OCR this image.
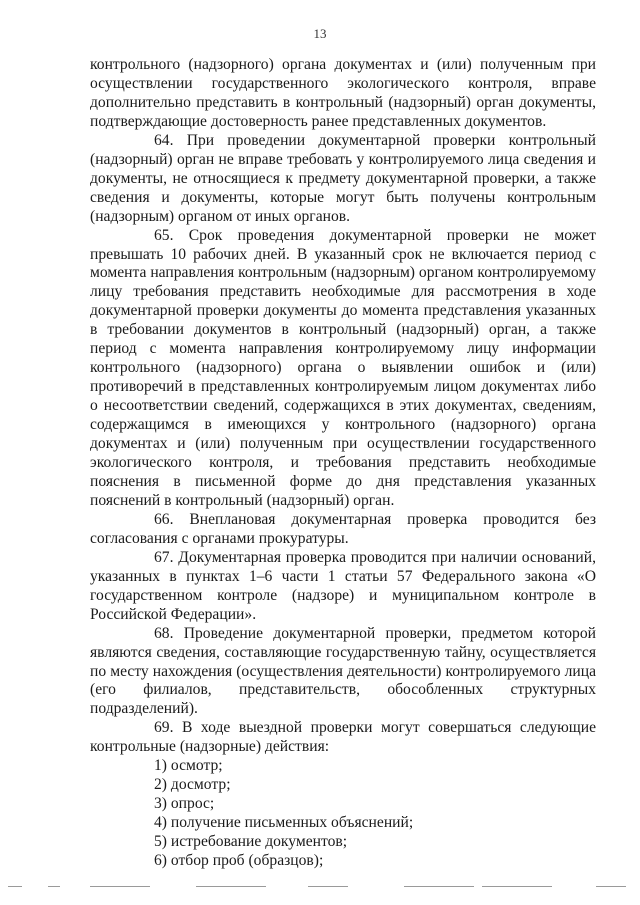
13

контрольного (надзорного) органа документах и (или) полученным при осуществлении государственного экологического контроля, вправе дополнительно представить в контрольный (надзорный) орган документы, подтверждающие достоверность ранее представленных документов.

64. При проведении документарной проверки контрольный (надзорный) орган не вправе требовать у контролируемого лица сведения и документы, не относящиеся к предмету документарной проверки, а также сведения и документы, которые могут быть получены контрольным (надзорным) органом от иных органов.

65. Срок проведения документарной проверки не может превышать 10 рабочих дней. В указанный срок не включается период с момента направления контрольным (надзорным) органом контролируемому лицу требования представить необходимые для рассмотрения в ходе документарной проверки документы до момента представления указанных в требовании документов в контрольный (надзорный) орган, а также период с момента направления контролируемому лицу информации контрольного (надзорного) органа о выявлении ошибок и (или) противоречий в представленных контролируемым лицом документах либо о несоответствии сведений, содержащихся в этих документах, сведениям, содержащимся в имеющихся у контрольного (надзорного) органа документах и (или) полученным при осуществлении государственного экологического контроля, и требования представить необходимые пояснения в письменной форме до дня представления указанных пояснений в контрольный (надзорный) орган.

66. Внеплановая документарная проверка проводится без согласования с органами прокуратуры.

67. Документарная проверка проводится при наличии оснований, указанных в пунктах 1–6 части 1 статьи 57 Федерального закона «О государственном контроле (надзоре) и муниципальном контроле в Российской Федерации».

68. Проведение документарной проверки, предметом которой являются сведения, составляющие государственную тайну, осуществляется по месту нахождения (осуществления деятельности) контролируемого лица (его филиалов, представительств, обособленных структурных подразделений).

69. В ходе выездной проверки могут совершаться следующие контрольные (надзорные) действия:

1) осмотр;

2) досмотр;

3) опрос;

4) получение письменных объяснений;

5) истребование документов;

6) отбор проб (образцов);
